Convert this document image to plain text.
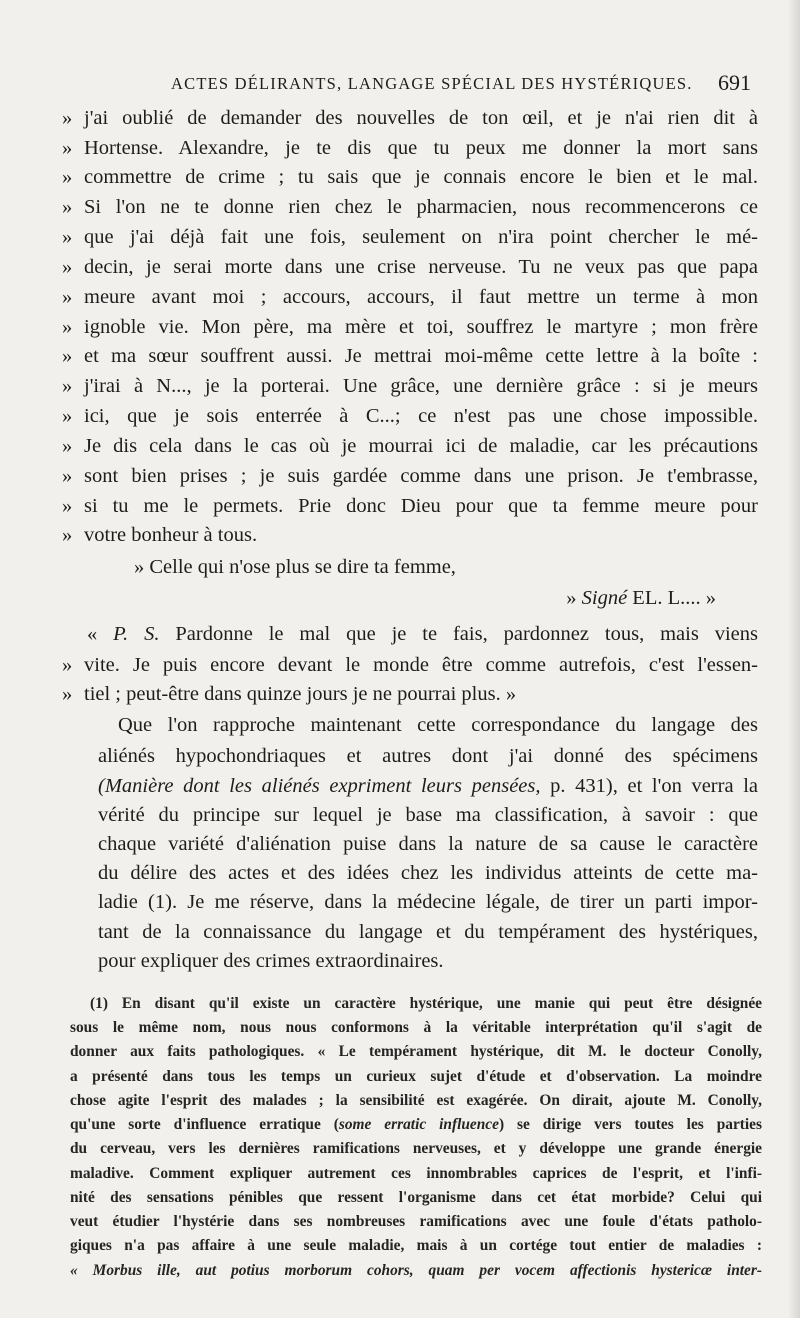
ACTES DÉLIRANTS, LANGAGE SPÉCIAL DES HYSTÉRIQUES. 691

» j'ai oublié de demander des nouvelles de ton œil, et je n'ai rien dit à

» Hortense. Alexandre, je te dis que tu peux me donner la mort sans

» commettre de crime ; tu sais que je connais encore le bien et le mal.

» Si l'on ne te donne rien chez le pharmacien, nous recommencerons ce

» que j'ai déjà fait une fois, seulement on n'ira point chercher le mé-

» decin, je serai morte dans une crise nerveuse. Tu ne veux pas que papa

» meure avant moi ; accours, accours, il faut mettre un terme à mon

» ignoble vie. Mon père, ma mère et toi, souffrez le martyre ; mon frère

» et ma sœur souffrent aussi. Je mettrai moi-même cette lettre à la boîte :

» j'irai à N..., je la porterai. Une grâce, une dernière grâce : si je meurs

» ici, que je sois enterrée à C...; ce n'est pas une chose impossible.

» Je dis cela dans le cas où je mourrai ici de maladie, car les précautions

» sont bien prises ; je suis gardée comme dans une prison. Je t'embrasse,

» si tu me le permets. Prie donc Dieu pour que ta femme meure pour

» votre bonheur à tous.

» Celle qui n'ose plus se dire ta femme,

» Signé EL. L.... »

« P. S. Pardonne le mal que je te fais, pardonnez tous, mais viens

» vite. Je puis encore devant le monde être comme autrefois, c'est l'essen-

» tiel ; peut-être dans quinze jours je ne pourrai plus. »

Que l'on rapproche maintenant cette correspondance du langage des

aliénés hypochondriaques et autres dont j'ai donné des spécimens

(Manière dont les aliénés expriment leurs pensées, p. 431), et l'on verra la

vérité du principe sur lequel je base ma classification, à savoir : que

chaque variété d'aliénation puise dans la nature de sa cause le caractère

du délire des actes et des idées chez les individus atteints de cette ma-

ladie (1). Je me réserve, dans la médecine légale, de tirer un parti impor-

tant de la connaissance du langage et du tempérament des hystériques,

pour expliquer des crimes extraordinaires.

(1) En disant qu'il existe un caractère hystérique, une manie qui peut être désignée

sous le même nom, nous nous conformons à la véritable interprétation qu'il s'agit de

donner aux faits pathologiques. « Le tempérament hystérique, dit M. le docteur Conolly,

a présenté dans tous les temps un curieux sujet d'étude et d'observation. La moindre

chose agite l'esprit des malades ; la sensibilité est exagérée. On dirait, ajoute M. Conolly,

qu'une sorte d'influence erratique (some erratic influence) se dirige vers toutes les parties

du cerveau, vers les dernières ramifications nerveuses, et y développe une grande énergie

maladive. Comment expliquer autrement ces innombrables caprices de l'esprit, et l'infi-

nité des sensations pénibles que ressent l'organisme dans cet état morbide? Celui qui

veut étudier l'hystérie dans ses nombreuses ramifications avec une foule d'états patholo-

giques n'a pas affaire à une seule maladie, mais à un cortége tout entier de maladies :

« Morbus ille, aut potius morborum cohors, quam per vocem affectionis hystericæ inter-
